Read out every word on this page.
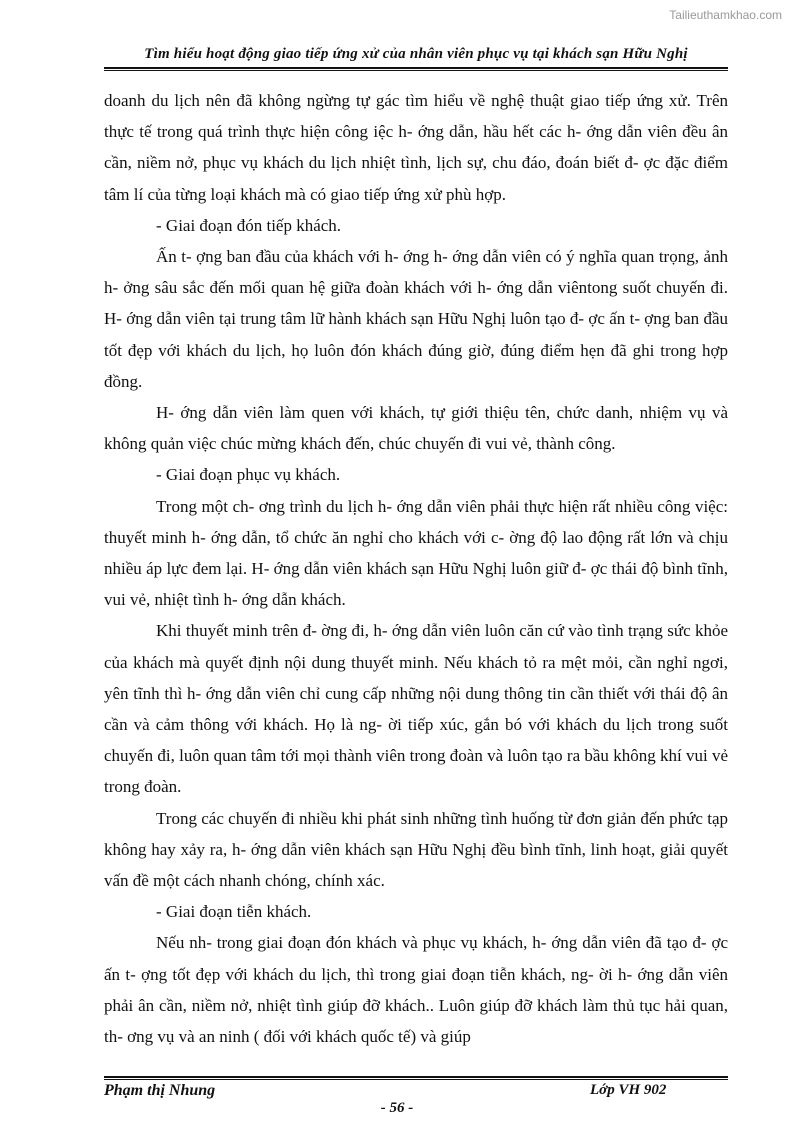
Tailieuthamkhao.com
Tìm hiểu hoạt động giao tiếp ứng xử của nhân viên phục vụ tại khách sạn Hữu Nghị

doanh du lịch nên đã không ngừng tự gác tìm hiểu về nghệ thuật giao tiếp ứng xử. Trên thực tế trong quá trình thực hiện công iệc h- ớng dẫn, hầu hết các h- ớng dẫn viên đều ân cần, niềm nở, phục vụ khách du lịch nhiệt tình, lịch sự, chu đáo, đoán biết đ- ợc đặc điểm tâm lí của từng loại khách mà có giao tiếp ứng xử phù hợp.

- Giai đoạn đón tiếp khách.

Ấn t- ợng ban đầu của khách với h- ớng h- ớng dẫn viên có ý nghĩa quan trọng, ảnh h- ởng sâu sắc đến mối quan hệ giữa đoàn khách với h- ớng dẫn viêntong suốt chuyến đi. H- ớng dẫn viên tại trung tâm lữ hành khách sạn Hữu Nghị luôn tạo đ- ợc ấn t- ợng ban đầu tốt đẹp với khách du lịch, họ luôn đón khách đúng giờ, đúng điểm hẹn đã ghi trong hợp đồng.

H- ớng dẫn viên làm quen với khách, tự giới thiệu tên, chức danh, nhiệm vụ và không quản việc chúc mừng khách đến, chúc chuyến đi vui vẻ, thành công.

- Giai đoạn phục vụ khách.

Trong một ch- ơng trình du lịch h- ớng dẫn viên phải thực hiện rất nhiều công việc: thuyết minh h- ớng dẫn, tổ chức ăn nghỉ cho khách với c- ờng độ lao động rất lớn và chịu nhiều áp lực đem lại. H- ớng dẫn viên khách sạn Hữu Nghị luôn giữ đ- ợc thái độ bình tĩnh, vui vẻ, nhiệt tình h- ớng dẫn khách.

Khi thuyết minh trên đ- ờng đi, h- ớng dẫn viên luôn căn cứ vào tình trạng sức khỏe của khách mà quyết định nội dung thuyết minh. Nếu khách tỏ ra mệt mỏi, cần nghỉ ngơi, yên tĩnh thì h- ớng dẫn viên chỉ cung cấp những nội dung thông tin cần thiết với thái độ ân cần và cảm thông với khách. Họ là ng- ời tiếp xúc, gắn bó với khách du lịch trong suốt chuyến đi, luôn quan tâm tới mọi thành viên trong đoàn và luôn tạo ra bầu không khí vui vẻ trong đoàn.

Trong các chuyến đi nhiều khi phát sinh những tình huống từ đơn giản đến phức tạp không hay xảy ra, h- ớng dẫn viên khách sạn Hữu Nghị đều bình tĩnh, linh hoạt, giải quyết vấn đề một cách nhanh chóng, chính xác.

- Giai đoạn tiễn khách.

Nếu nh- trong giai đoạn đón khách và phục vụ khách, h- ớng dẫn viên đã tạo đ- ợc ấn t- ợng tốt đẹp với khách du lịch, thì trong giai đoạn tiễn khách, ng- ời h- ớng dẫn viên phải ân cần, niềm nở, nhiệt tình giúp đỡ khách.. Luôn giúp đỡ khách làm thủ tục hải quan, th- ơng vụ và an ninh ( đối với khách quốc tế) và giúp

Phạm thị Nhung	Lớp VH 902
- 56 -
